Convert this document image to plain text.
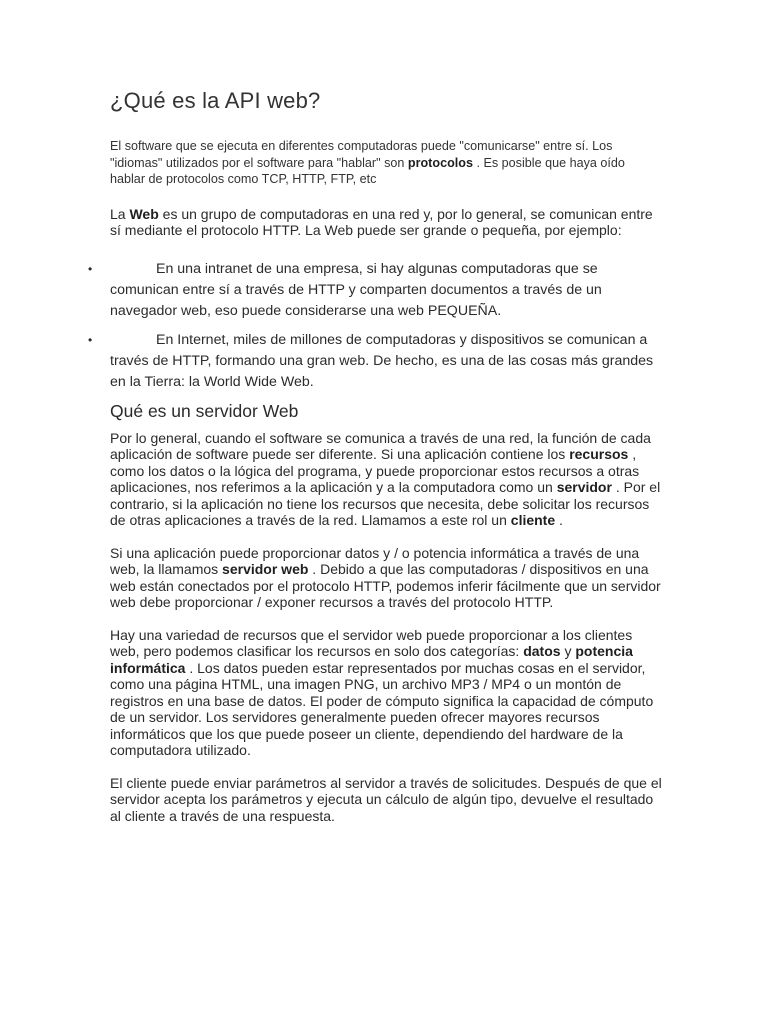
¿Qué es la API web?

El software que se ejecuta en diferentes computadoras puede "comunicarse" entre sí. Los "idiomas" utilizados por el software para "hablar" son protocolos . Es posible que haya oído hablar de protocolos como TCP, HTTP, FTP, etc

La Web es un grupo de computadoras en una red y, por lo general, se comunican entre sí mediante el protocolo HTTP. La Web puede ser grande o pequeña, por ejemplo:

•	En una intranet de una empresa, si hay algunas computadoras que se comunican entre sí a través de HTTP y comparten documentos a través de un navegador web, eso puede considerarse una web PEQUEÑA.
•	En Internet, miles de millones de computadoras y dispositivos se comunican a través de HTTP, formando una gran web. De hecho, es una de las cosas más grandes en la Tierra: la World Wide Web.
Qué es un servidor Web

Por lo general, cuando el software se comunica a través de una red, la función de cada aplicación de software puede ser diferente. Si una aplicación contiene los recursos , como los datos o la lógica del programa, y puede proporcionar estos recursos a otras aplicaciones, nos referimos a la aplicación y a la computadora como un servidor . Por el contrario, si la aplicación no tiene los recursos que necesita, debe solicitar los recursos de otras aplicaciones a través de la red. Llamamos a este rol un cliente .

Si una aplicación puede proporcionar datos y / o potencia informática a través de una web, la llamamos servidor web . Debido a que las computadoras / dispositivos en una web están conectados por el protocolo HTTP, podemos inferir fácilmente que un servidor web debe proporcionar / exponer recursos a través del protocolo HTTP.

Hay una variedad de recursos que el servidor web puede proporcionar a los clientes web, pero podemos clasificar los recursos en solo dos categorías: datos y potencia informática . Los datos pueden estar representados por muchas cosas en el servidor, como una página HTML, una imagen PNG, un archivo MP3 / MP4 o un montón de registros en una base de datos. El poder de cómputo significa la capacidad de cómputo de un servidor. Los servidores generalmente pueden ofrecer mayores recursos informáticos que los que puede poseer un cliente, dependiendo del hardware de la computadora utilizado.

El cliente puede enviar parámetros al servidor a través de solicitudes. Después de que el servidor acepta los parámetros y ejecuta un cálculo de algún tipo, devuelve el resultado al cliente a través de una respuesta.
